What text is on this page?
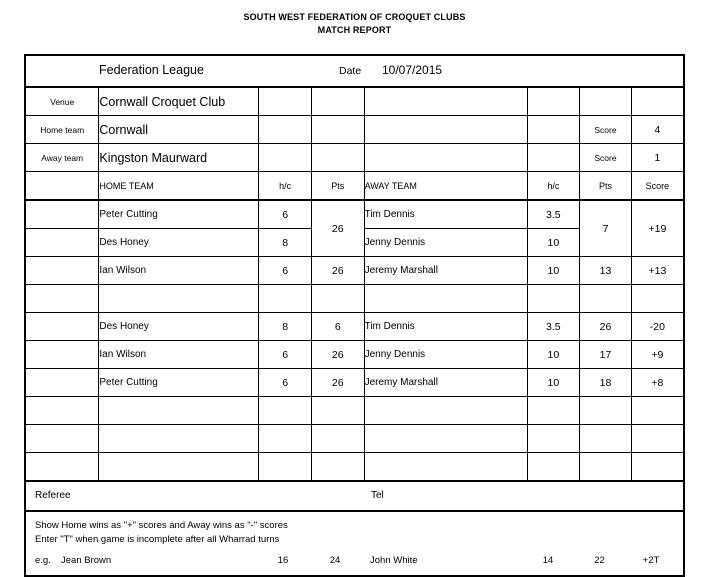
SOUTH WEST FEDERATION OF CROQUET CLUBS
MATCH REPORT
Federation League Date 10/07/2015							

Venue	Cornwall Croquet Club						
Home team	Cornwall					Score	4
Away team	Kingston Maurward					Score	1
	HOME TEAM	h/c	Pts	AWAY TEAM	h/c	Pts	Score
	Peter Cutting	6	26	Tim Dennis	3.5	7	+19
	Des Honey	8		Jenny Dennis	10		
	Ian Wilson	6	26	Jeremy Marshall	10	13	+13

	Des Honey	8	6	Tim Dennis	3.5	26	-20
	Ian Wilson	6	26	Jenny Dennis	10	17	+9
	Peter Cutting	6	26	Jeremy Marshall	10	18	+8

Referee Tel							

Show Home wins as "+" scores and Away wins as "-" scores
Enter "T" when game is incomplete after all Wharrad turns
e.g. Jean Brown	16	24	John White	14	22	+2T
